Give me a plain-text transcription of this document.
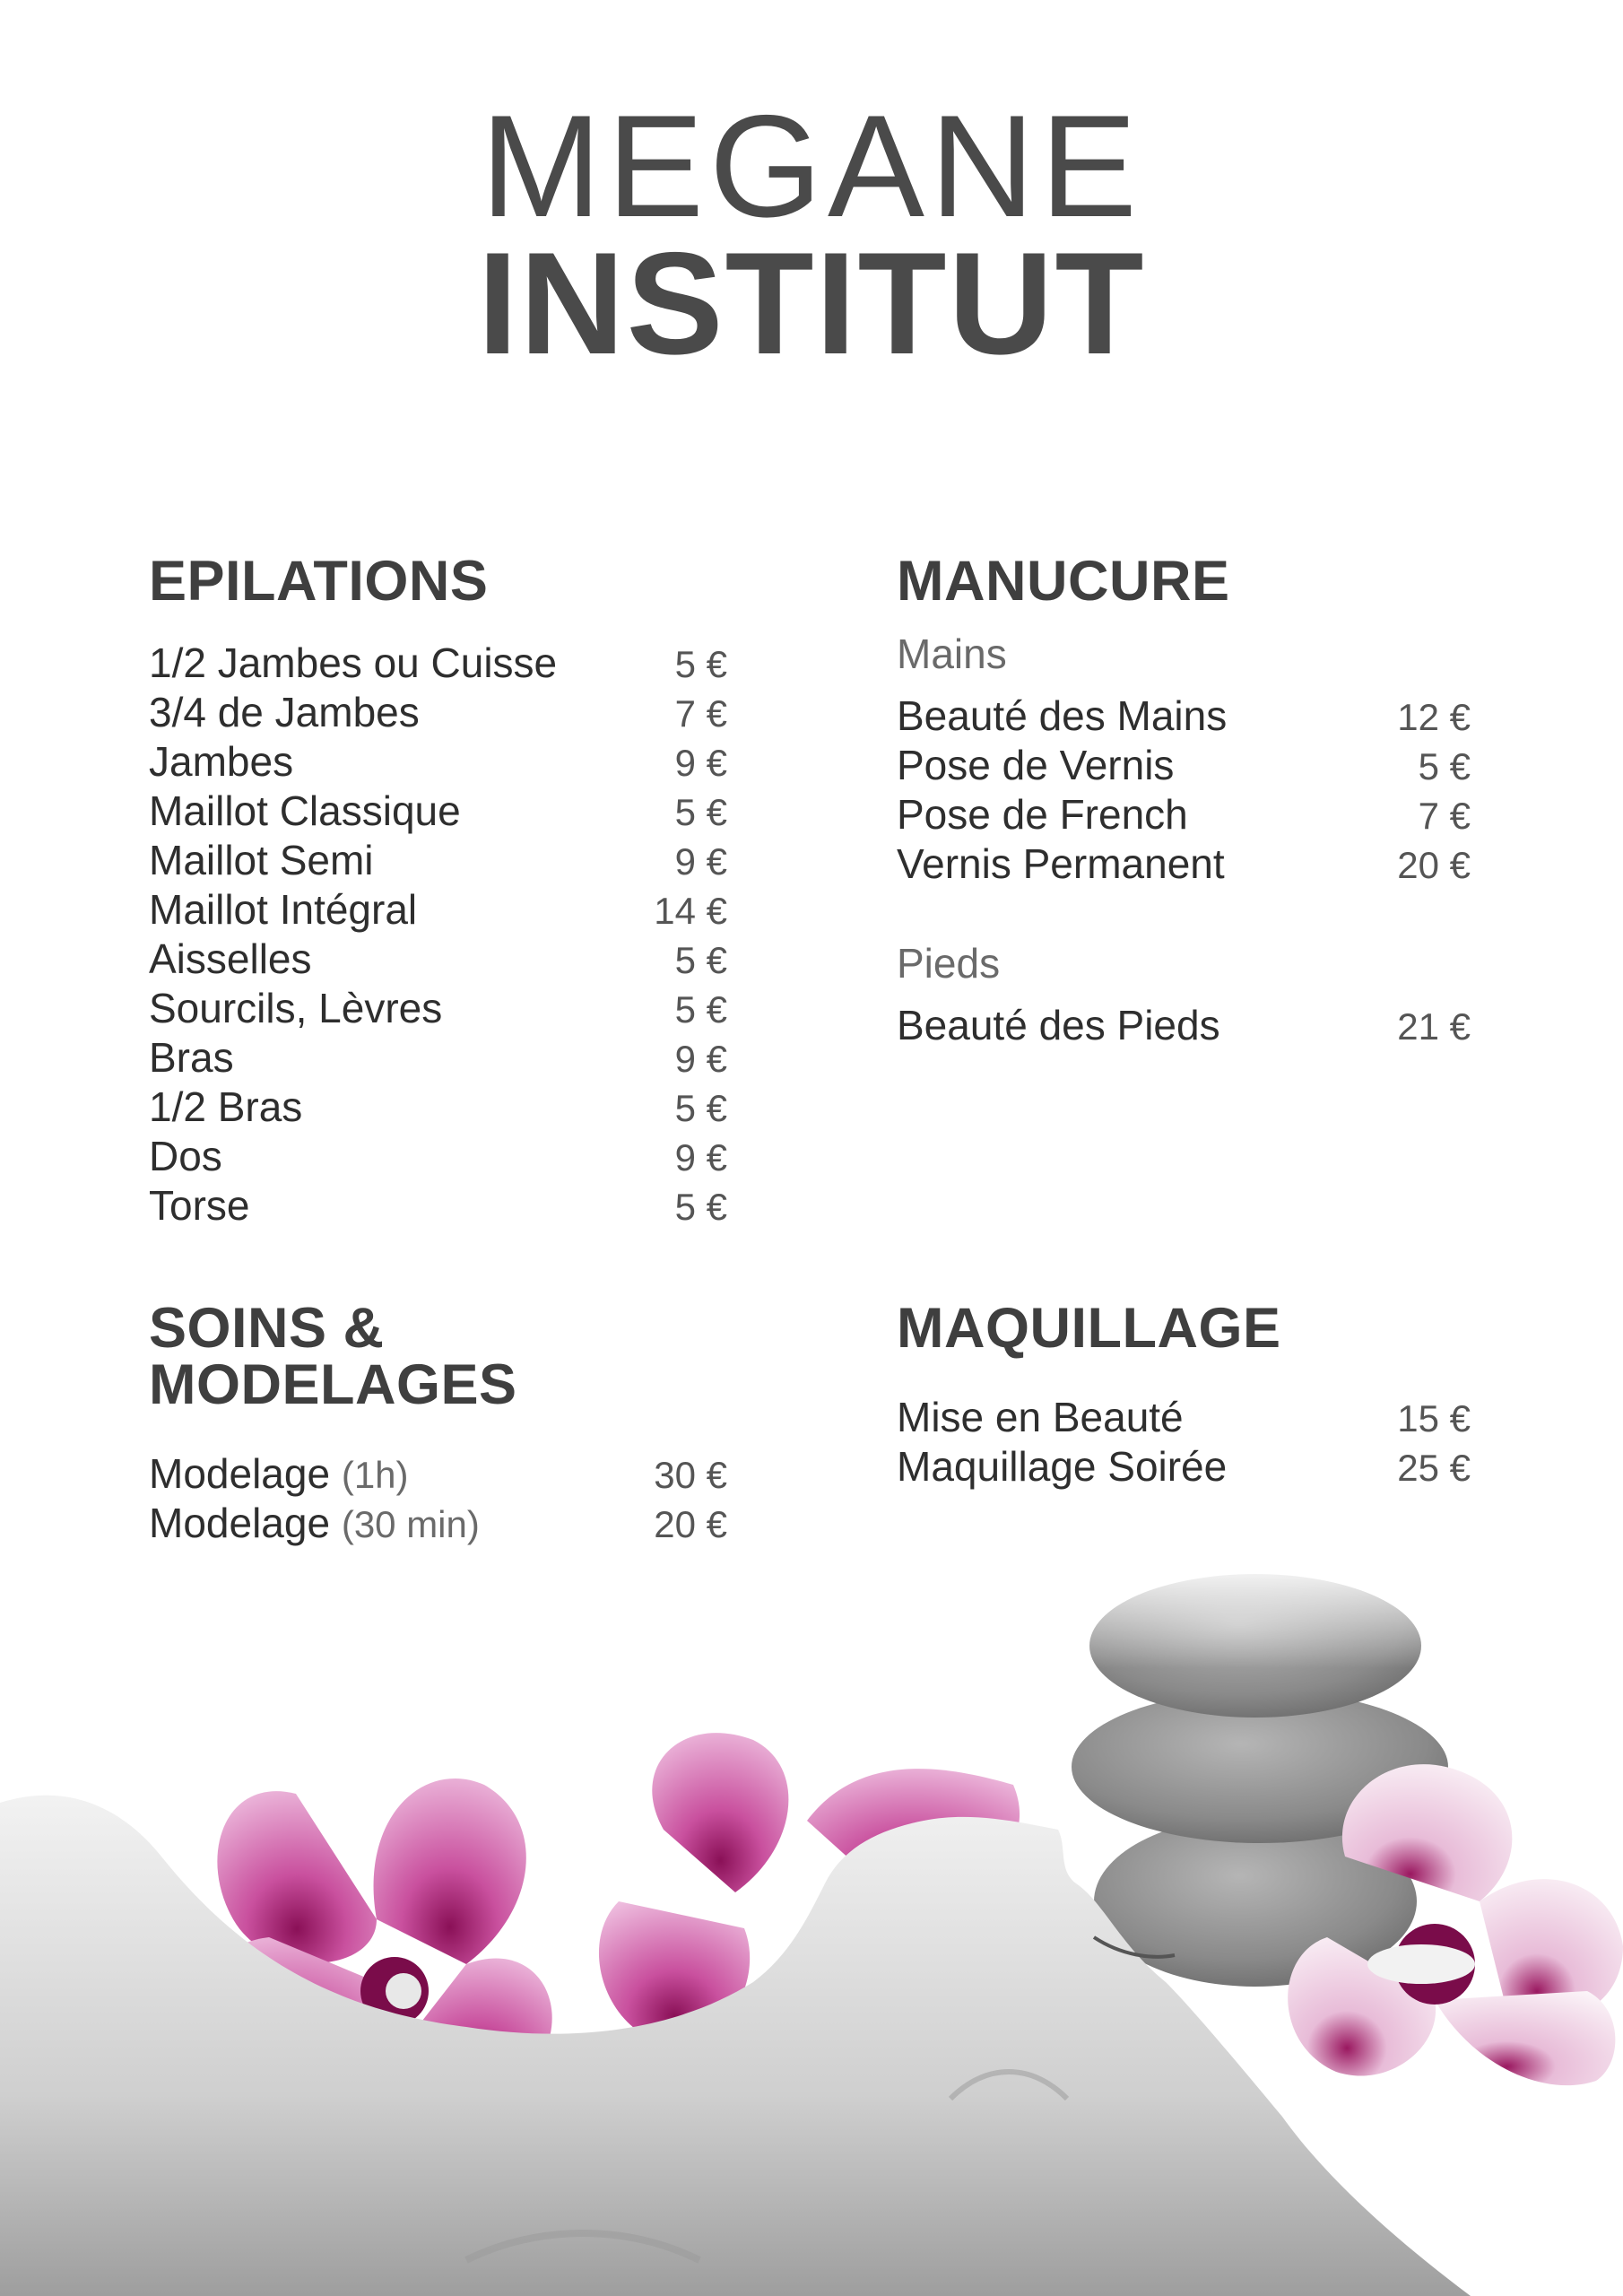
MEGANE
INSTITUT
EPILATIONS
1/2 Jambes ou Cuisse	5 €
3/4 de Jambes	7 €
Jambes	9 €
Maillot Classique	5 €
Maillot Semi	9 €
Maillot Intégral	14 €
Aisselles	5 €
Sourcils, Lèvres	5 €
Bras	9 €
1/2 Bras	5 €
Dos	9 €
Torse	5 €
MANUCURE
Mains
Beauté des Mains	12 €
Pose de Vernis	5 €
Pose de French	7 €
Vernis Permanent	20 €
Pieds
Beauté des Pieds	21 €
SOINS & MODELAGES
Modelage (1h)	30 €
Modelage (30 min)	20 €
MAQUILLAGE
Mise en Beauté	15 €
Maquillage Soirée	25 €
